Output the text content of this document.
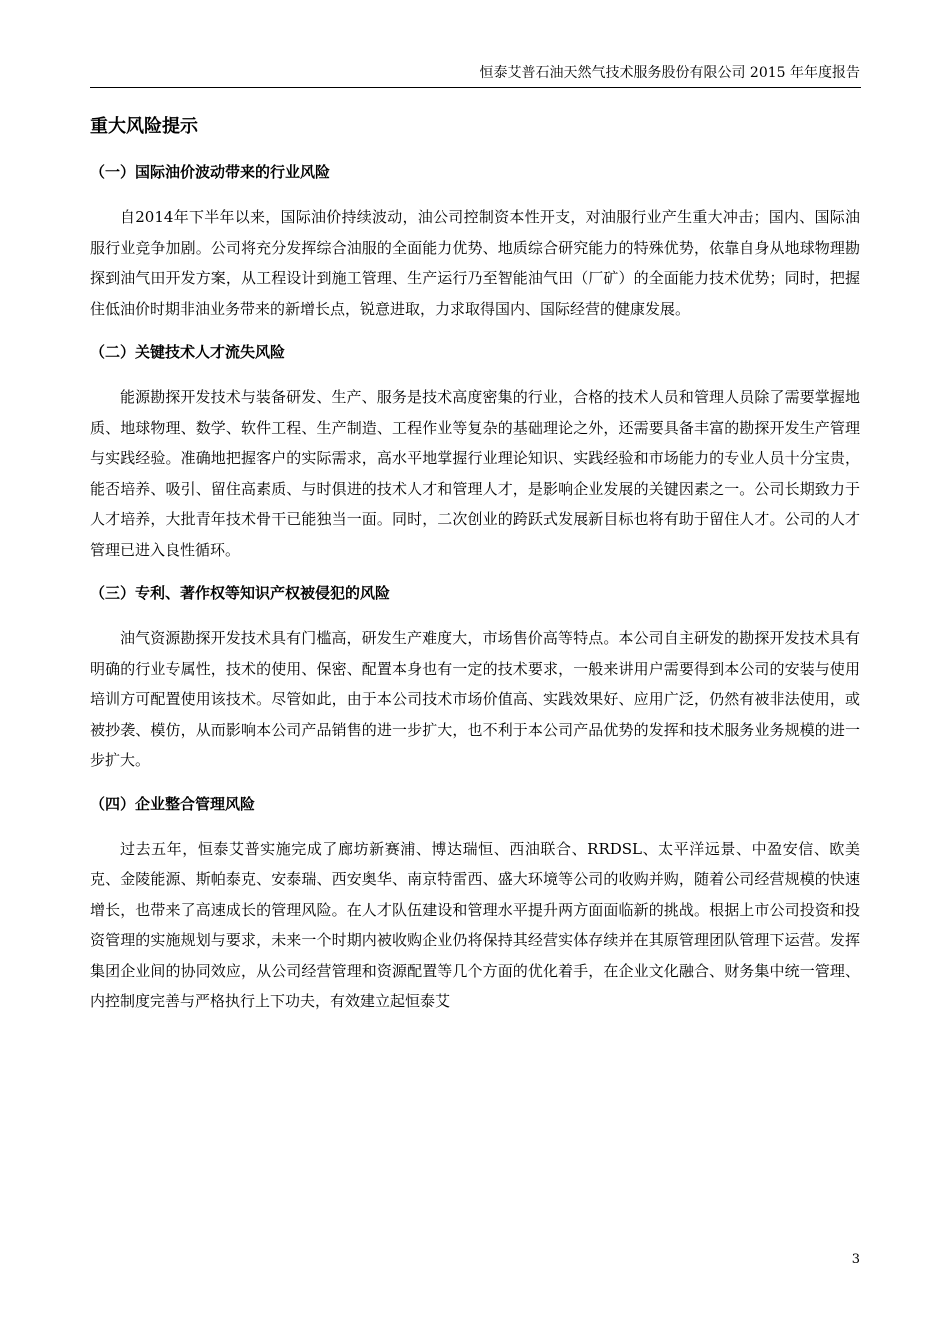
恒泰艾普石油天然气技术服务股份有限公司 2015 年年度报告
重大风险提示
（一）国际油价波动带来的行业风险

自2014年下半年以来，国际油价持续波动，油公司控制资本性开支，对油服行业产生重大冲击；国内、国际油服行业竞争加剧。公司将充分发挥综合油服的全面能力优势、地质综合研究能力的特殊优势，依靠自身从地球物理勘探到油气田开发方案，从工程设计到施工管理、生产运行乃至智能油气田（厂矿）的全面能力技术优势；同时，把握住低油价时期非油业务带来的新增长点，锐意进取，力求取得国内、国际经营的健康发展。

（二）关键技术人才流失风险

能源勘探开发技术与装备研发、生产、服务是技术高度密集的行业，合格的技术人员和管理人员除了需要掌握地质、地球物理、数学、软件工程、生产制造、工程作业等复杂的基础理论之外，还需要具备丰富的勘探开发生产管理与实践经验。准确地把握客户的实际需求，高水平地掌握行业理论知识、实践经验和市场能力的专业人员十分宝贵，能否培养、吸引、留住高素质、与时俱进的技术人才和管理人才，是影响企业发展的关键因素之一。公司长期致力于人才培养，大批青年技术骨干已能独当一面。同时，二次创业的跨跃式发展新目标也将有助于留住人才。公司的人才管理已进入良性循环。

（三）专利、著作权等知识产权被侵犯的风险

油气资源勘探开发技术具有门槛高，研发生产难度大，市场售价高等特点。本公司自主研发的勘探开发技术具有明确的行业专属性，技术的使用、保密、配置本身也有一定的技术要求，一般来讲用户需要得到本公司的安装与使用培训方可配置使用该技术。尽管如此，由于本公司技术市场价值高、实践效果好、应用广泛，仍然有被非法使用，或被抄袭、模仿，从而影响本公司产品销售的进一步扩大，也不利于本公司产品优势的发挥和技术服务业务规模的进一步扩大。

（四）企业整合管理风险

过去五年，恒泰艾普实施完成了廊坊新赛浦、博达瑞恒、西油联合、RRDSL、太平洋远景、中盈安信、欧美克、金陵能源、斯帕泰克、安泰瑞、西安奥华、南京特雷西、盛大环境等公司的收购并购，随着公司经营规模的快速增长，也带来了高速成长的管理风险。在人才队伍建设和管理水平提升两方面面临新的挑战。根据上市公司投资和投资管理的实施规划与要求，未来一个时期内被收购企业仍将保持其经营实体存续并在其原管理团队管理下运营。发挥集团企业间的协同效应，从公司经营管理和资源配置等几个方面的优化着手，在企业文化融合、财务集中统一管理、内控制度完善与严格执行上下功夫，有效建立起恒泰艾

3
